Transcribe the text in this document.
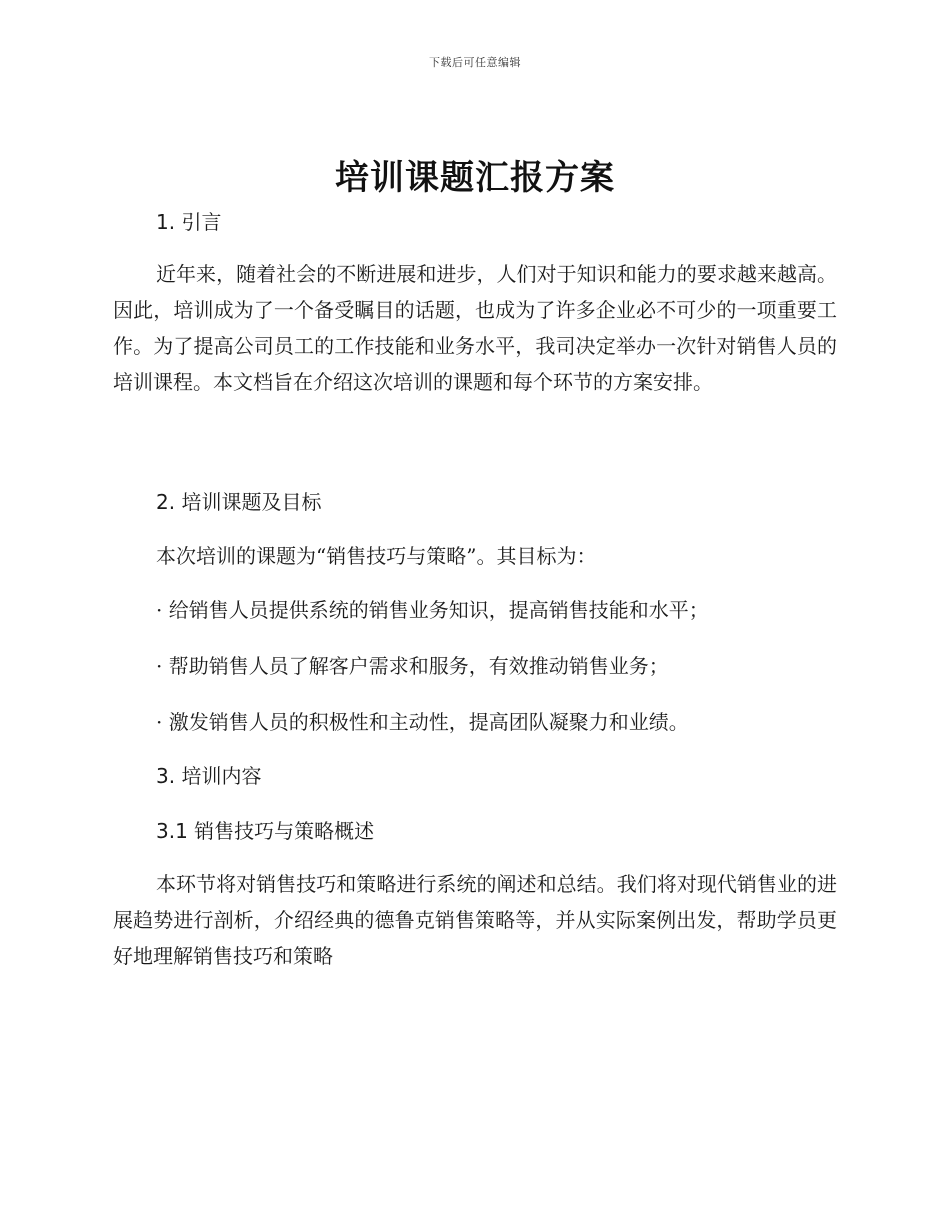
下载后可任意编辑
培训课题汇报方案
1. 引言

近年来，随着社会的不断进展和进步，人们对于知识和能力的要求越来越高。因此，培训成为了一个备受瞩目的话题，也成为了许多企业必不可少的一项重要工作。为了提高公司员工的工作技能和业务水平，我司决定举办一次针对销售人员的培训课程。本文档旨在介绍这次培训的课题和每个环节的方案安排。

2. 培训课题及目标

本次培训的课题为“销售技巧与策略”。其目标为：

· 给销售人员提供系统的销售业务知识，提高销售技能和水平；

· 帮助销售人员了解客户需求和服务，有效推动销售业务；

· 激发销售人员的积极性和主动性，提高团队凝聚力和业绩。

3. 培训内容
3.1 销售技巧与策略概述

本环节将对销售技巧和策略进行系统的阐述和总结。我们将对现代销售业的进展趋势进行剖析，介绍经典的德鲁克销售策略等，并从实际案例出发，帮助学员更好地理解销售技巧和策略
